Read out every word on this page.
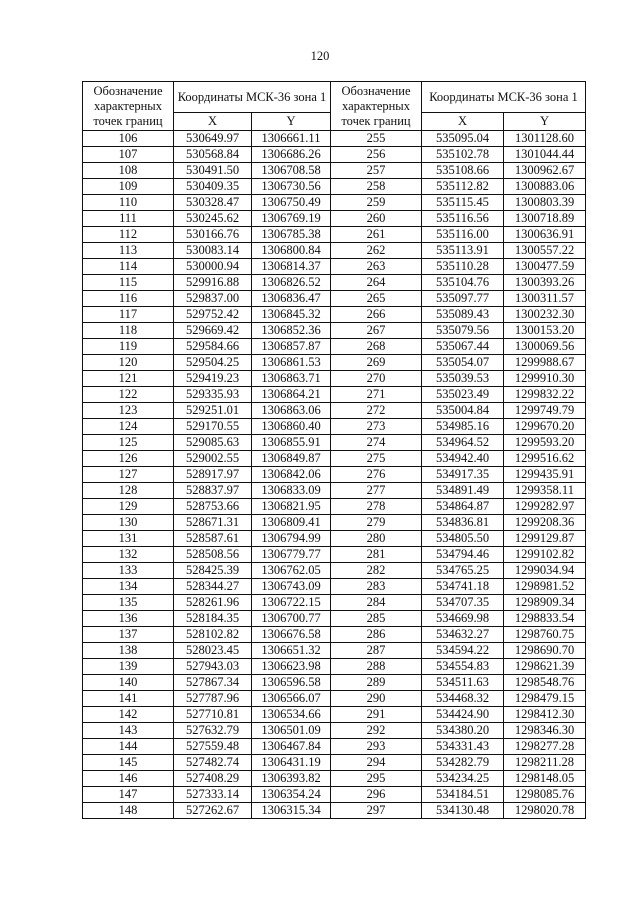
120
Обозначение характерных точек границ	Координаты МСК-36 зона 1		Обозначение характерных точек границ	Координаты МСК-36 зона 1	
	X	Y		X	Y
106	530649.97	1306661.11	255	535095.04	1301128.60
107	530568.84	1306686.26	256	535102.78	1301044.44
108	530491.50	1306708.58	257	535108.66	1300962.67
109	530409.35	1306730.56	258	535112.82	1300883.06
110	530328.47	1306750.49	259	535115.45	1300803.39
111	530245.62	1306769.19	260	535116.56	1300718.89
112	530166.76	1306785.38	261	535116.00	1300636.91
113	530083.14	1306800.84	262	535113.91	1300557.22
114	530000.94	1306814.37	263	535110.28	1300477.59
115	529916.88	1306826.52	264	535104.76	1300393.26
116	529837.00	1306836.47	265	535097.77	1300311.57
117	529752.42	1306845.32	266	535089.43	1300232.30
118	529669.42	1306852.36	267	535079.56	1300153.20
119	529584.66	1306857.87	268	535067.44	1300069.56
120	529504.25	1306861.53	269	535054.07	1299988.67
121	529419.23	1306863.71	270	535039.53	1299910.30
122	529335.93	1306864.21	271	535023.49	1299832.22
123	529251.01	1306863.06	272	535004.84	1299749.79
124	529170.55	1306860.40	273	534985.16	1299670.20
125	529085.63	1306855.91	274	534964.52	1299593.20
126	529002.55	1306849.87	275	534942.40	1299516.62
127	528917.97	1306842.06	276	534917.35	1299435.91
128	528837.97	1306833.09	277	534891.49	1299358.11
129	528753.66	1306821.95	278	534864.87	1299282.97
130	528671.31	1306809.41	279	534836.81	1299208.36
131	528587.61	1306794.99	280	534805.50	1299129.87
132	528508.56	1306779.77	281	534794.46	1299102.82
133	528425.39	1306762.05	282	534765.25	1299034.94
134	528344.27	1306743.09	283	534741.18	1298981.52
135	528261.96	1306722.15	284	534707.35	1298909.34
136	528184.35	1306700.77	285	534669.98	1298833.54
137	528102.82	1306676.58	286	534632.27	1298760.75
138	528023.45	1306651.32	287	534594.22	1298690.70
139	527943.03	1306623.98	288	534554.83	1298621.39
140	527867.34	1306596.58	289	534511.63	1298548.76
141	527787.96	1306566.07	290	534468.32	1298479.15
142	527710.81	1306534.66	291	534424.90	1298412.30
143	527632.79	1306501.09	292	534380.20	1298346.30
144	527559.48	1306467.84	293	534331.43	1298277.28
145	527482.74	1306431.19	294	534282.79	1298211.28
146	527408.29	1306393.82	295	534234.25	1298148.05
147	527333.14	1306354.24	296	534184.51	1298085.76
148	527262.67	1306315.34	297	534130.48	1298020.78
